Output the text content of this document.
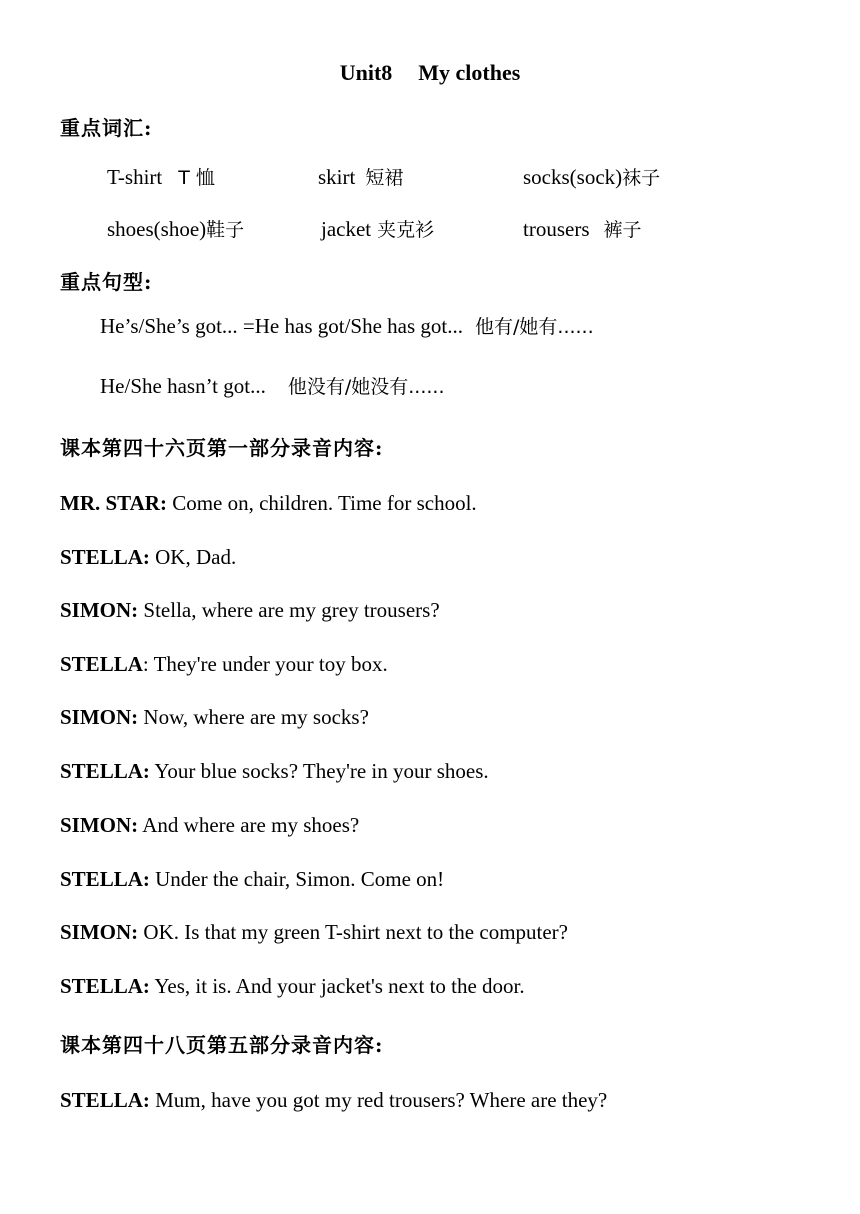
Unit8 My clothes
重点词汇:
T-shirt T 恤	skirt 短裙	socks(sock)袜子
shoes(shoe)鞋子	jacket 夹克衫	trousers 裤子
重点句型:
He’s/She’s got... =He has got/She has got... 他有/她有......
He/She hasn’t got... 他没有/她没有......
课本第四十六页第一部分录音内容:
MR. STAR: Come on, children. Time for school.
STELLA: OK, Dad.
SIMON: Stella, where are my grey trousers?
STELLA: They're under your toy box.
SIMON: Now, where are my socks?
STELLA: Your blue socks? They're in your shoes.
SIMON: And where are my shoes?
STELLA: Under the chair, Simon. Come on!
SIMON: OK. Is that my green T-shirt next to the computer?
STELLA: Yes, it is. And your jacket's next to the door.
课本第四十八页第五部分录音内容:
STELLA: Mum, have you got my red trousers? Where are they?
